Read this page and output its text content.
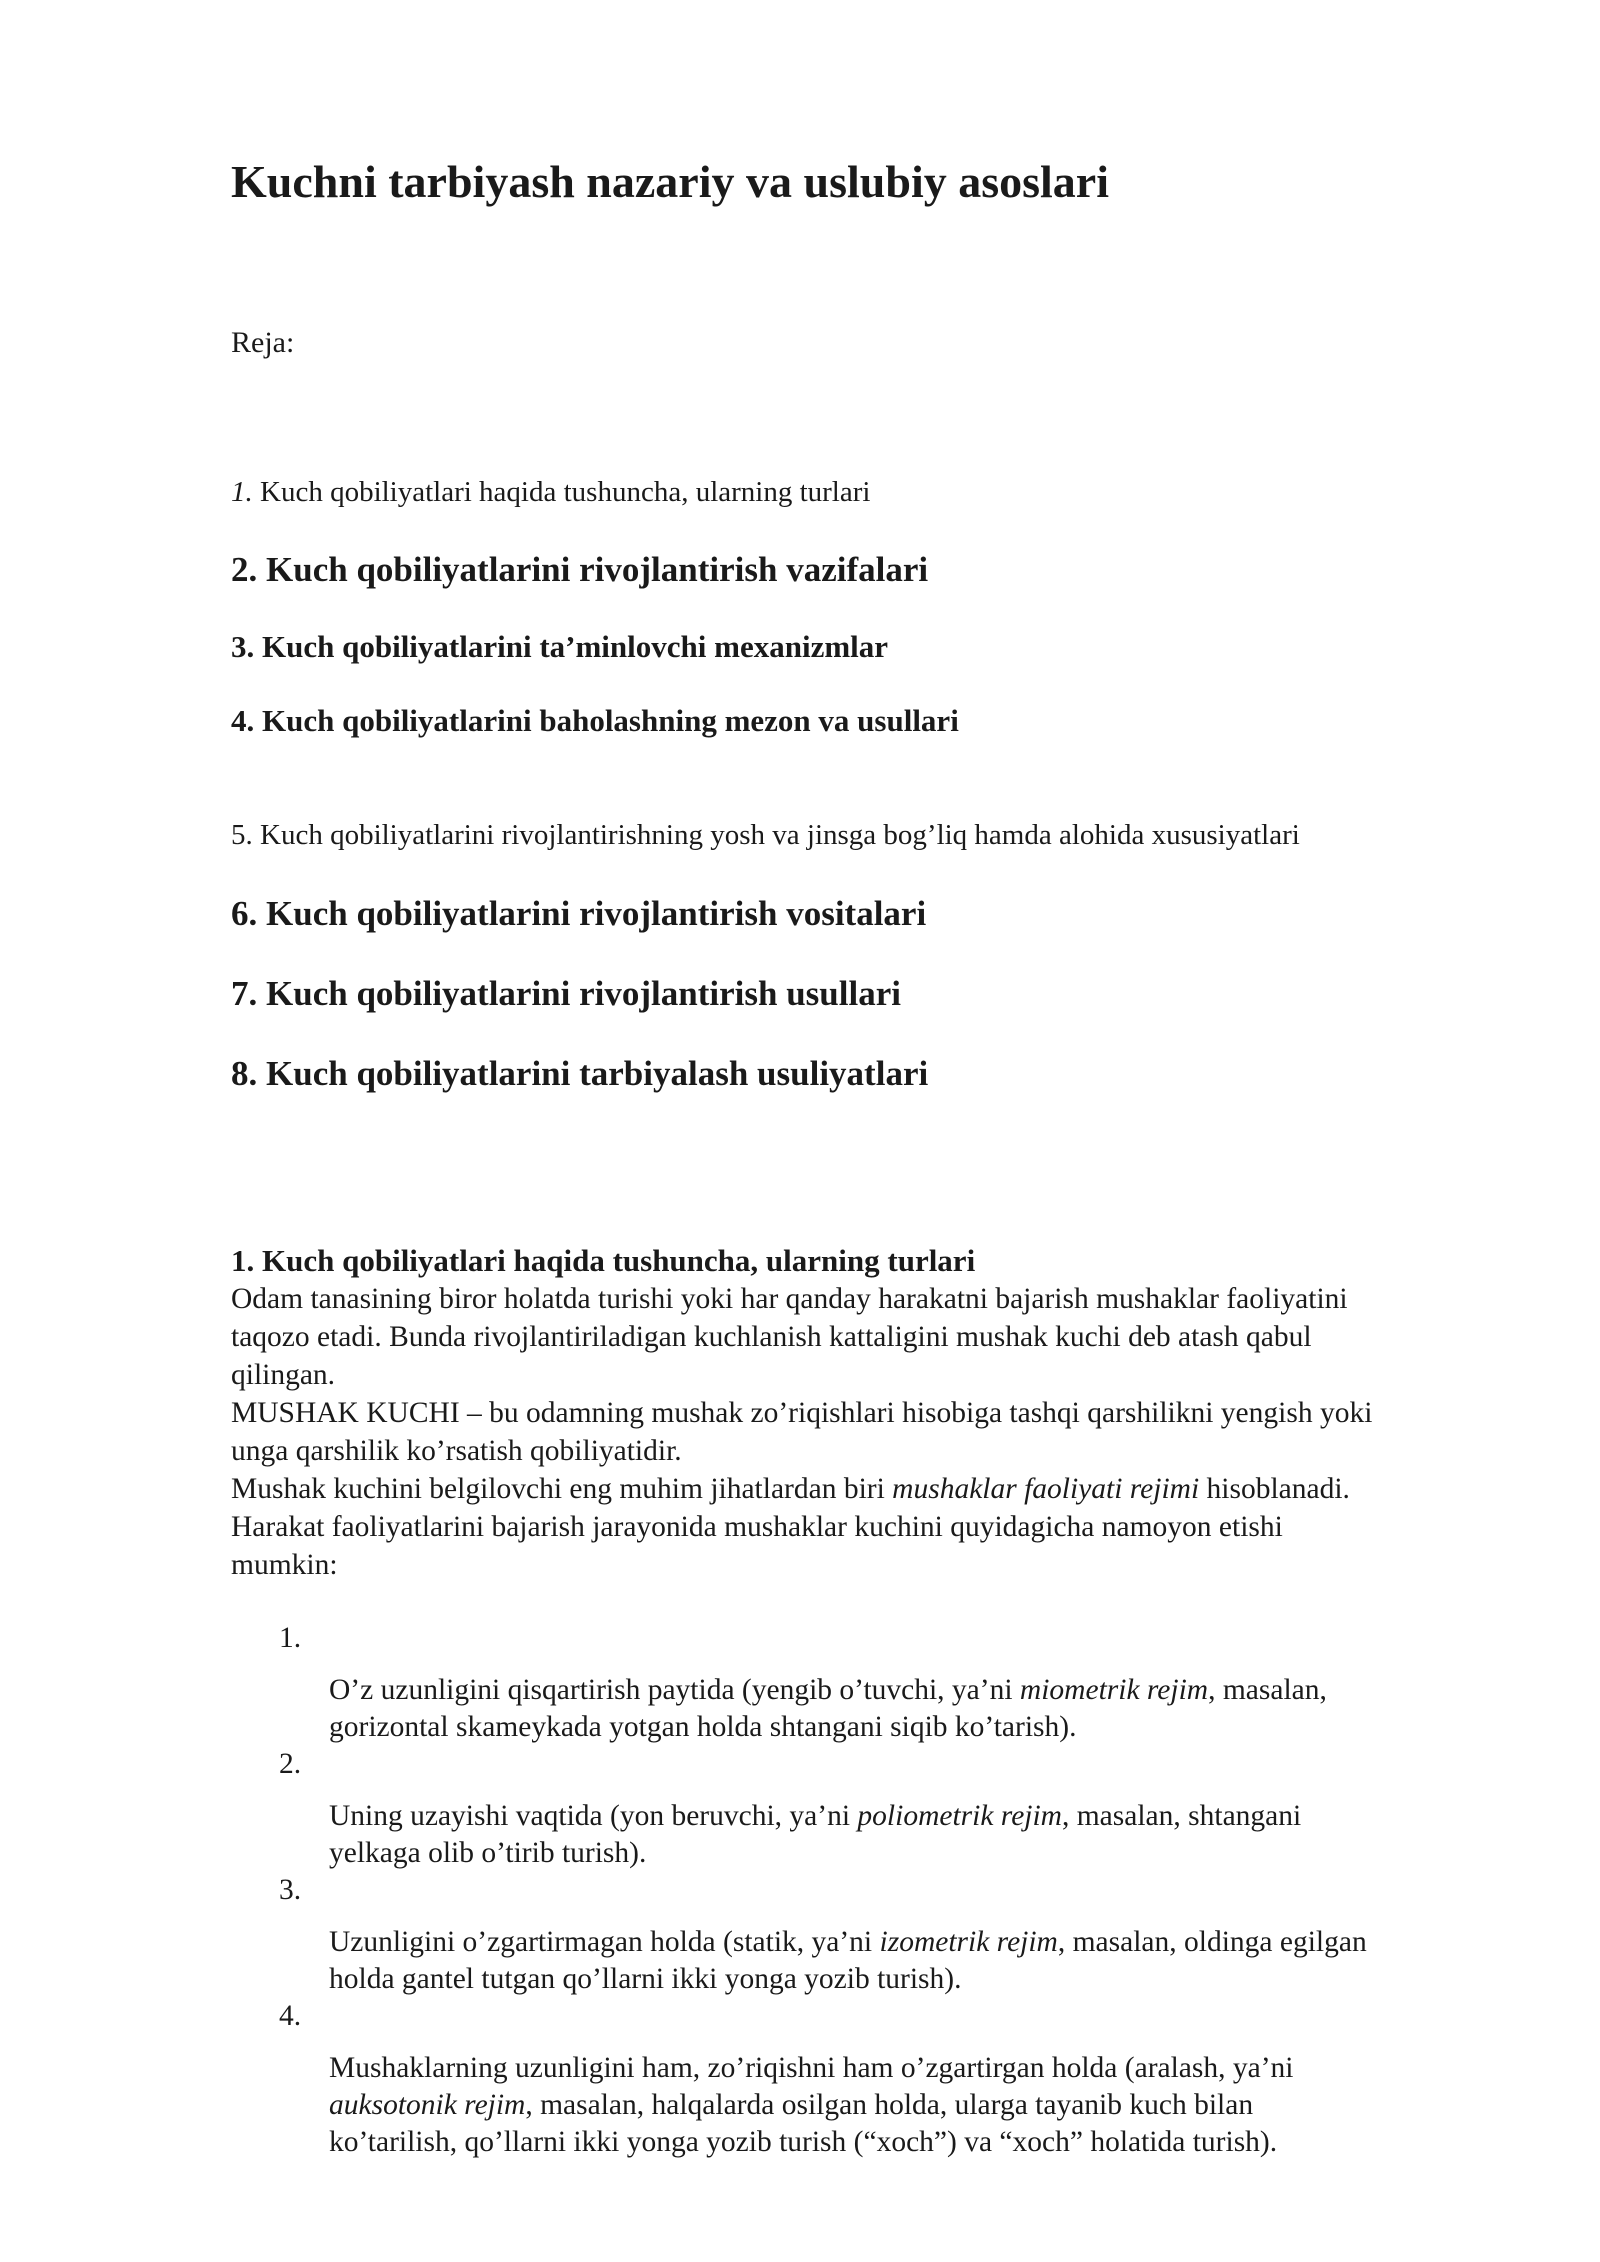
Kuchni tarbiyash nazariy va uslubiy asoslari
Reja:
1. Kuch qobiliyatlari haqida tushuncha, ularning turlari
2. Kuch qobiliyatlarini rivojlantirish vazifalari
3. Kuch qobiliyatlarini ta’minlovchi mexanizmlar
4. Kuch qobiliyatlarini baholashning mezon va usullari
5. Kuch qobiliyatlarini rivojlantirishning yosh va jinsga bog’liq hamda alohida xususiyatlari
6. Kuch qobiliyatlarini rivojlantirish vositalari
7. Kuch qobiliyatlarini rivojlantirish usullari
8. Kuch qobiliyatlarini tarbiyalash usuliyatlari

1. Kuch qobiliyatlari haqida tushuncha, ularning turlari

Odam tanasining biror holatda turishi yoki har qanday harakatni bajarish mushaklar faoliyatini

taqozo etadi. Bunda rivojlantiriladigan kuchlanish kattaligini mushak kuchi deb atash qabul

qilingan.

MUSHAK KUCHI – bu odamning mushak zo’riqishlari hisobiga tashqi qarshilikni yengish yoki

unga qarshilik ko’rsatish qobiliyatidir.

Mushak kuchini belgilovchi eng muhim jihatlardan biri mushaklar faoliyati rejimi hisoblanadi.

Harakat faoliyatlarini bajarish jarayonida mushaklar kuchini quyidagicha namoyon etishi

mumkin:

1.
O’z uzunligini qisqartirish paytida (yengib o’tuvchi, ya’ni miometrik rejim, masalan,
gorizontal skameykada yotgan holda shtangani siqib ko’tarish).
2.
Uning uzayishi vaqtida (yon beruvchi, ya’ni poliometrik rejim, masalan, shtangani
yelkaga olib o’tirib turish).
3.
Uzunligini o’zgartirmagan holda (statik, ya’ni izometrik rejim, masalan, oldinga egilgan
holda gantel tutgan qo’llarni ikki yonga yozib turish).
4.
Mushaklarning uzunligini ham, zo’riqishni ham o’zgartirgan holda (aralash, ya’ni
auksotonik rejim, masalan, halqalarda osilgan holda, ularga tayanib kuch bilan
ko’tarilish, qo’llarni ikki yonga yozib turish (“xoch”) va “xoch” holatida turish).
